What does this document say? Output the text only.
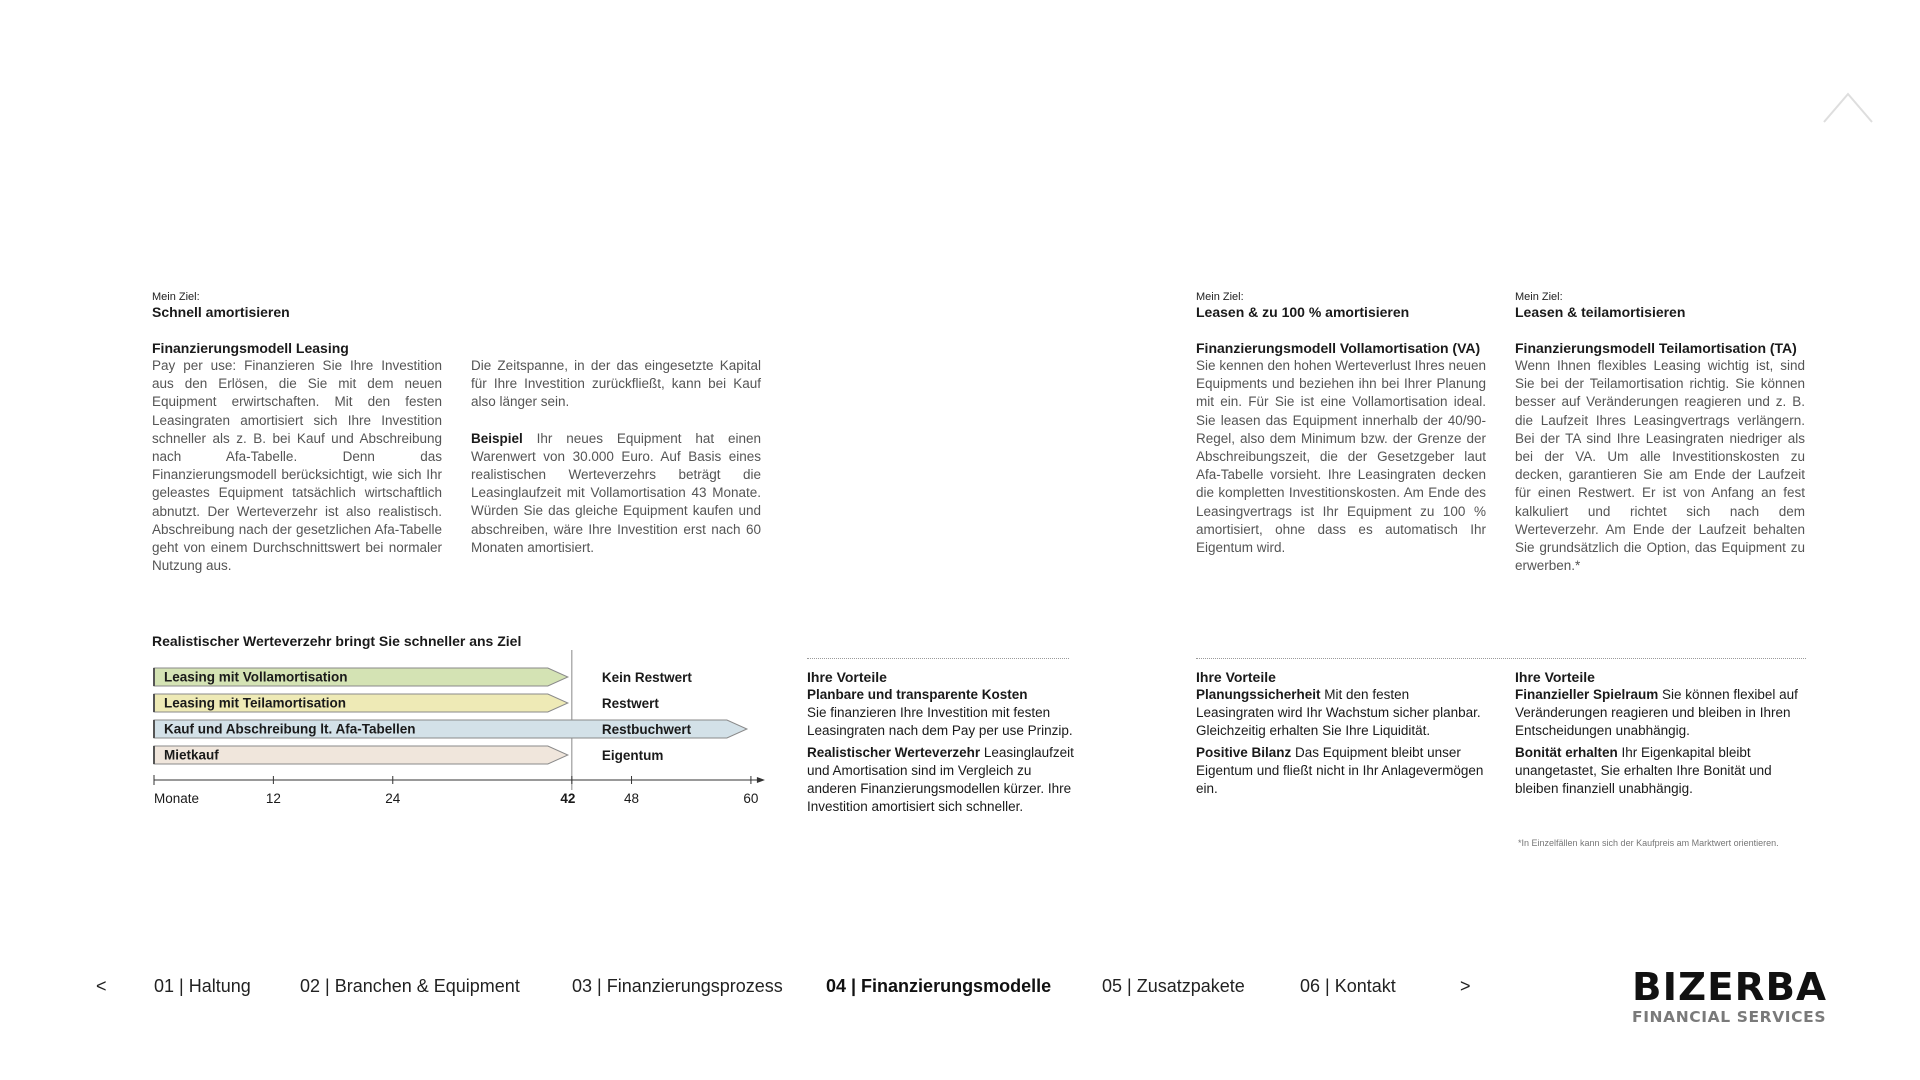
Mein Ziel:
Schnell amortisieren
Finanzierungsmodell Leasing
Pay per use: Finanzieren Sie Ihre Investition aus den Erlösen, die Sie mit dem neuen Equipment erwirtschaften. Mit den festen Leasingraten amortisiert sich Ihre Investition schneller als z. B. bei Kauf und Abschreibung nach Afa-Tabelle. Denn das Finanzierungsmodell berücksichtigt, wie sich Ihr geleastes Equipment tatsächlich wirtschaftlich abnutzt. Der Werteverzehr ist also realistisch. Abschreibung nach der gesetzlichen Afa-Tabelle geht von einem Durchschnittswert bei normaler Nutzung aus.
Die Zeitspanne, in der das eingesetzte Kapital für Ihre Investition zurückfließt, kann bei Kauf also länger sein.
Beispiel Ihr neues Equipment hat einen Warenwert von 30.000 Euro. Auf Basis eines realistischen Werteverzehrs beträgt die Leasinglaufzeit mit Vollamortisation 43 Monate. Würden Sie das gleiche Equipment kaufen und abschreiben, wäre Ihre Investition erst nach 60 Monaten amortisiert.
Mein Ziel:
Leasen & zu 100 % amortisieren
Finanzierungsmodell Vollamortisation (VA)
Sie kennen den hohen Werteverlust Ihres neuen Equipments und beziehen ihn bei Ihrer Planung mit ein. Für Sie ist eine Vollamortisation ideal. Sie leasen das Equipment innerhalb der 40/90-Regel, also dem Minimum bzw. der Grenze der Abschreibungszeit, die der Gesetzgeber laut Afa-Tabelle vorsieht. Ihre Leasingraten decken die kompletten Investitionskosten. Am Ende des Leasingvertrags ist Ihr Equipment zu 100 % amortisiert, ohne dass es automatisch Ihr Eigentum wird.
Mein Ziel:
Leasen & teilamortisieren
Finanzierungsmodell Teilamortisation (TA)
Wenn Ihnen flexibles Leasing wichtig ist, sind Sie bei der Teilamortisation richtig. Sie können besser auf Veränderungen reagieren und z. B. die Laufzeit Ihres Leasingvertrags verlängern. Bei der TA sind Ihre Leasingraten niedriger als bei der VA. Um alle Investitionskosten zu decken, garantieren Sie am Ende der Laufzeit für einen Restwert. Er ist von Anfang an fest kalkuliert und richtet sich nach dem Werteverzehr. Am Ende der Laufzeit behalten Sie grundsätzlich die Option, das Equipment zu erwerben.*
Realistischer Werteverzehr bringt Sie schneller ans Ziel
Leasing mit Vollamortisation	Kein Restwert
Leasing mit Teilamortisation	Restwert
Kauf und Abschreibung lt. Afa-Tabellen	Restbuchwert
Mietkauf	Eigentum
Monate	12	24	42	48	60
Ihre Vorteile

Planbare und transparente Kosten
Sie finanzieren Ihre Investition mit festen Leasingraten nach dem Pay per use Prinzip.

Realistischer Werteverzehr Leasinglaufzeit und Amortisation sind im Vergleich zu anderen Finanzierungsmodellen kürzer. Ihre Investition amortisiert sich schneller.

Ihre Vorteile

Planungssicherheit Mit den festen Leasingraten wird Ihr Wachstum sicher planbar. Gleichzeitig erhalten Sie Ihre Liquidität.

Positive Bilanz Das Equipment bleibt unser Eigentum und fließt nicht in Ihr Anlagevermögen ein.

Ihre Vorteile

Finanzieller Spielraum Sie können flexibel auf Veränderungen reagieren und bleiben in Ihren Entscheidungen unabhängig.

Bonität erhalten Ihr Eigenkapital bleibt unangetastet, Sie erhalten Ihre Bonität und bleiben finanziell unabhängig.

*In Einzelfällen kann sich der Kaufpreis am Marktwert orientieren.
<	01 | Haltung	02 | Branchen & Equipment	03 | Finanzierungsprozess 04 | Finanzierungsmodelle	05 | Zusatzpakete	06 | Kontakt	>	BIZERBA
FINANCIAL SERVICES
